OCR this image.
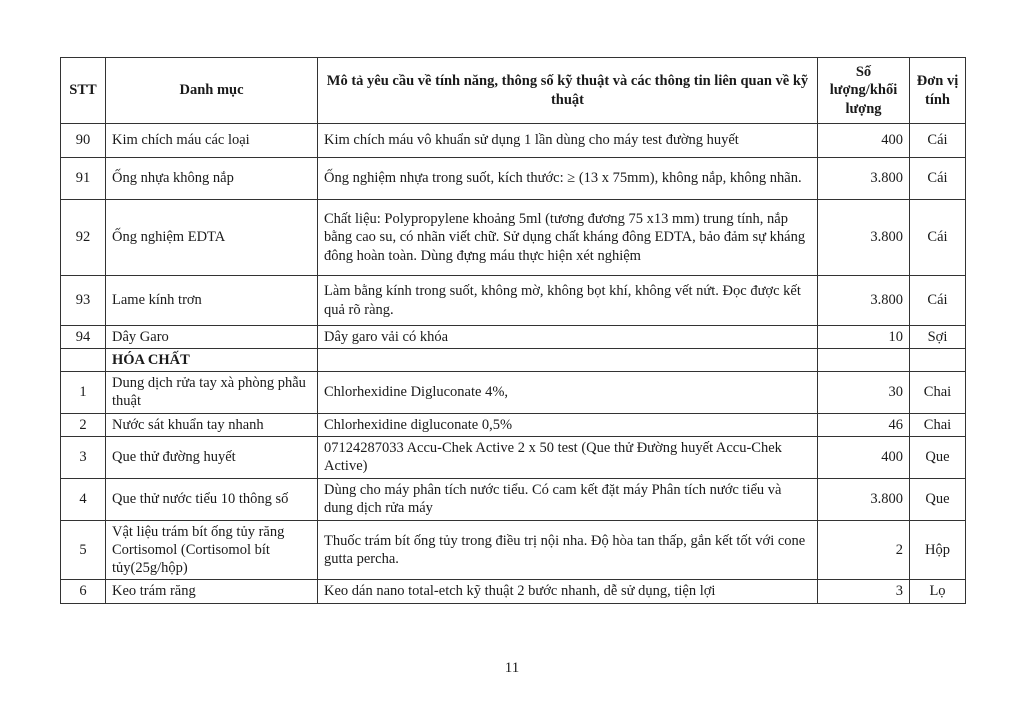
STT	Danh mục	Mô tả yêu cầu về tính năng, thông số kỹ thuật và các thông tin liên quan về kỹ thuật	Số lượng/khối lượng	Đơn vị tính
90	Kim chích máu các loại	Kim chích máu vô khuẩn sử dụng 1 lần dùng cho máy test đường huyết	400	Cái
91	Ống nhựa không nắp	Ống nghiệm nhựa trong suốt, kích thước: ≥ (13 x 75mm), không nắp, không nhãn.	3.800	Cái
92	Ống nghiệm EDTA	Chất liệu: Polypropylene khoảng 5ml (tương đương 75 x13 mm) trung tính, nắp bằng cao su, có nhãn viết chữ. Sử dụng chất kháng đông EDTA, bảo đảm sự kháng đông hoàn toàn. Dùng đựng máu thực hiện xét nghiệm	3.800	Cái
93	Lame kính trơn	Làm bằng kính trong suốt, không mờ, không bọt khí, không vết nứt. Đọc được kết quả rõ ràng.	3.800	Cái
94	Dây Garo	Dây garo vải có khóa	10	Sợi
	HÓA CHẤT			
1	Dung dịch rửa tay xà phòng phẫu thuật	Chlorhexidine Digluconate 4%,	30	Chai
2	Nước sát khuẩn tay nhanh	Chlorhexidine digluconate 0,5%	46	Chai
3	Que thử đường huyết	07124287033 Accu-Chek Active 2 x 50 test (Que thử Đường huyết Accu-Chek Active)	400	Que
4	Que thử nước tiểu 10 thông số	Dùng cho máy phân tích nước tiểu. Có cam kết đặt máy Phân tích nước tiểu và dung dịch rửa máy	3.800	Que
5	Vật liệu trám bít ống tủy răng Cortisomol (Cortisomol bít tủy(25g/hộp)	Thuốc trám bít ống tủy trong điều trị nội nha. Độ hòa tan thấp, gắn kết tốt với cone gutta percha.	2	Hộp
6	Keo trám răng	Keo dán nano total-etch kỹ thuật 2 bước nhanh, dễ sử dụng, tiện lợi	3	Lọ
11
